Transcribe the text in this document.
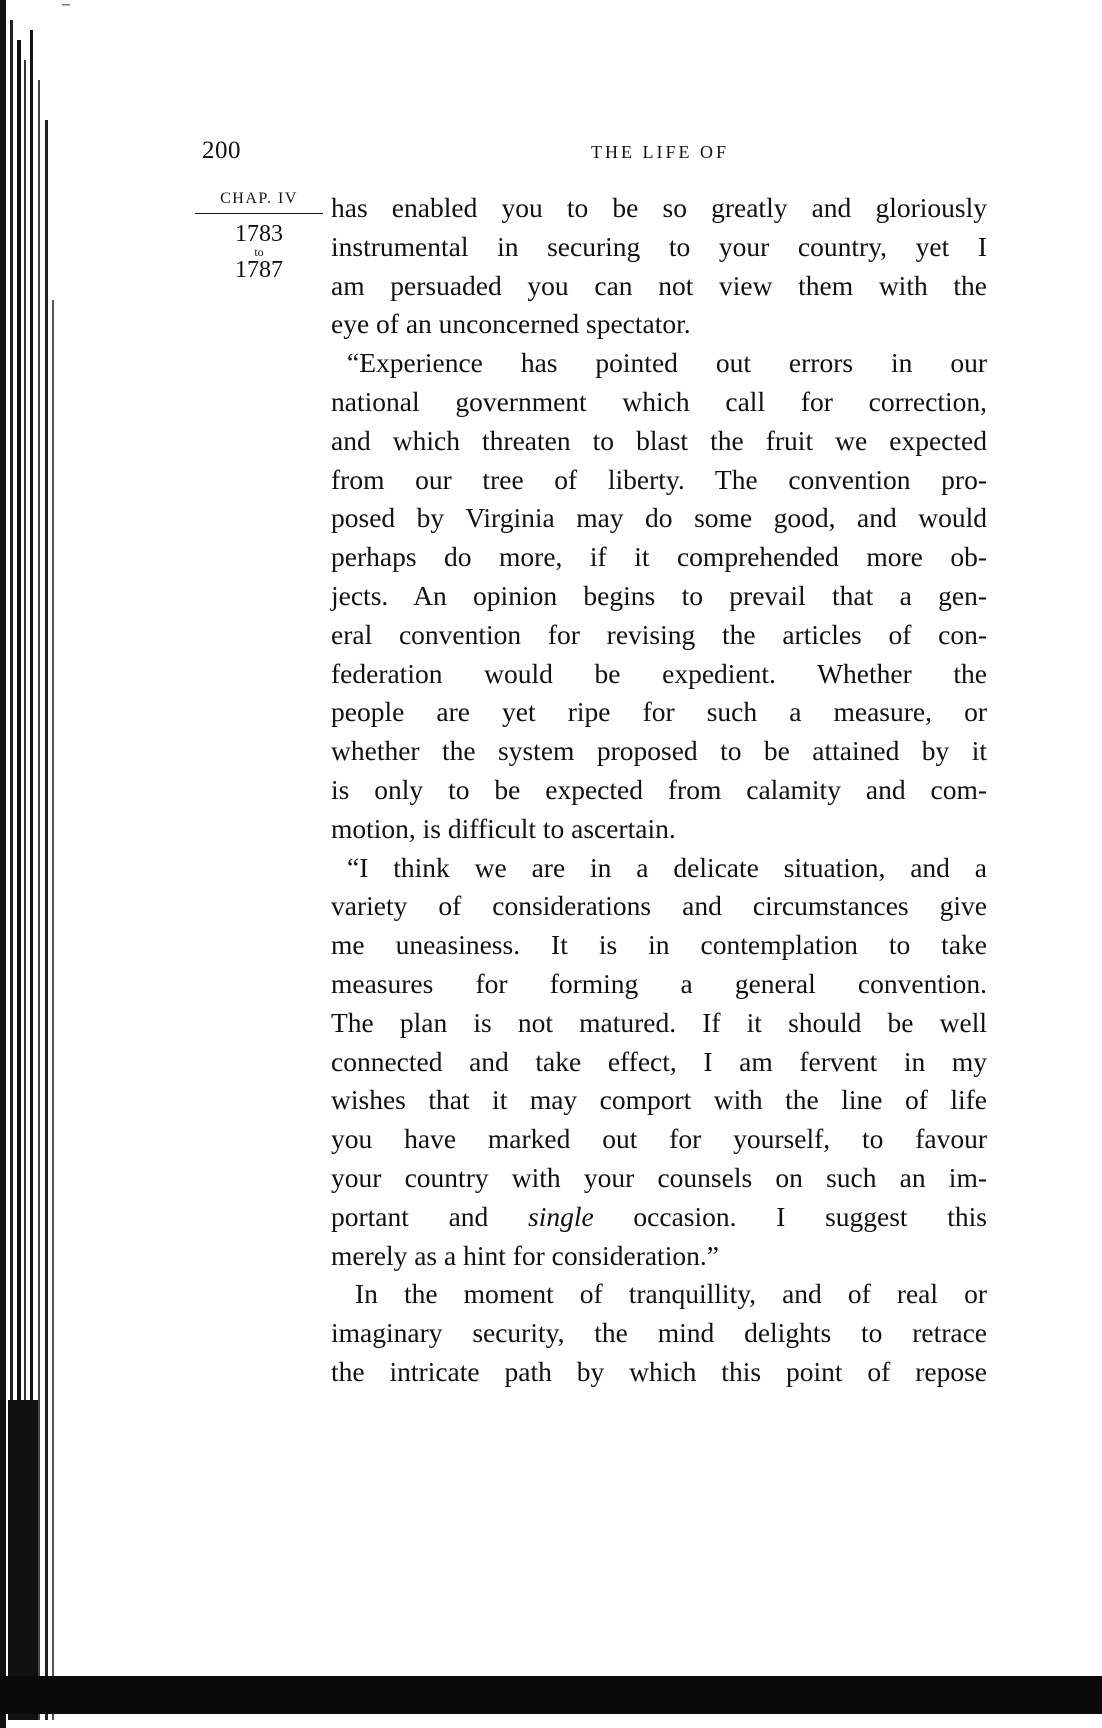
200	THE LIFE OF
CHAP. IV
1783
to
1787
has enabled you to be so greatly and gloriously
instrumental in securing to your country, yet I
am persuaded you can not view them with the
eye of an unconcerned spectator.
“Experience has pointed out errors in our
national government which call for correction,
and which threaten to blast the fruit we expected
from our tree of liberty. The convention pro-
posed by Virginia may do some good, and would
perhaps do more, if it comprehended more ob-
jects. An opinion begins to prevail that a gen-
eral convention for revising the articles of con-
federation would be expedient. Whether the
people are yet ripe for such a measure, or
whether the system proposed to be attained by it
is only to be expected from calamity and com-
motion, is difficult to ascertain.
“I think we are in a delicate situation, and a
variety of considerations and circumstances give
me uneasiness. It is in contemplation to take
measures for forming a general convention.
The plan is not matured. If it should be well
connected and take effect, I am fervent in my
wishes that it may comport with the line of life
you have marked out for yourself, to favour
your country with your counsels on such an im-
portant and single occasion. I suggest this
merely as a hint for consideration.”
In the moment of tranquillity, and of real or
imaginary security, the mind delights to retrace
the intricate path by which this point of repose
